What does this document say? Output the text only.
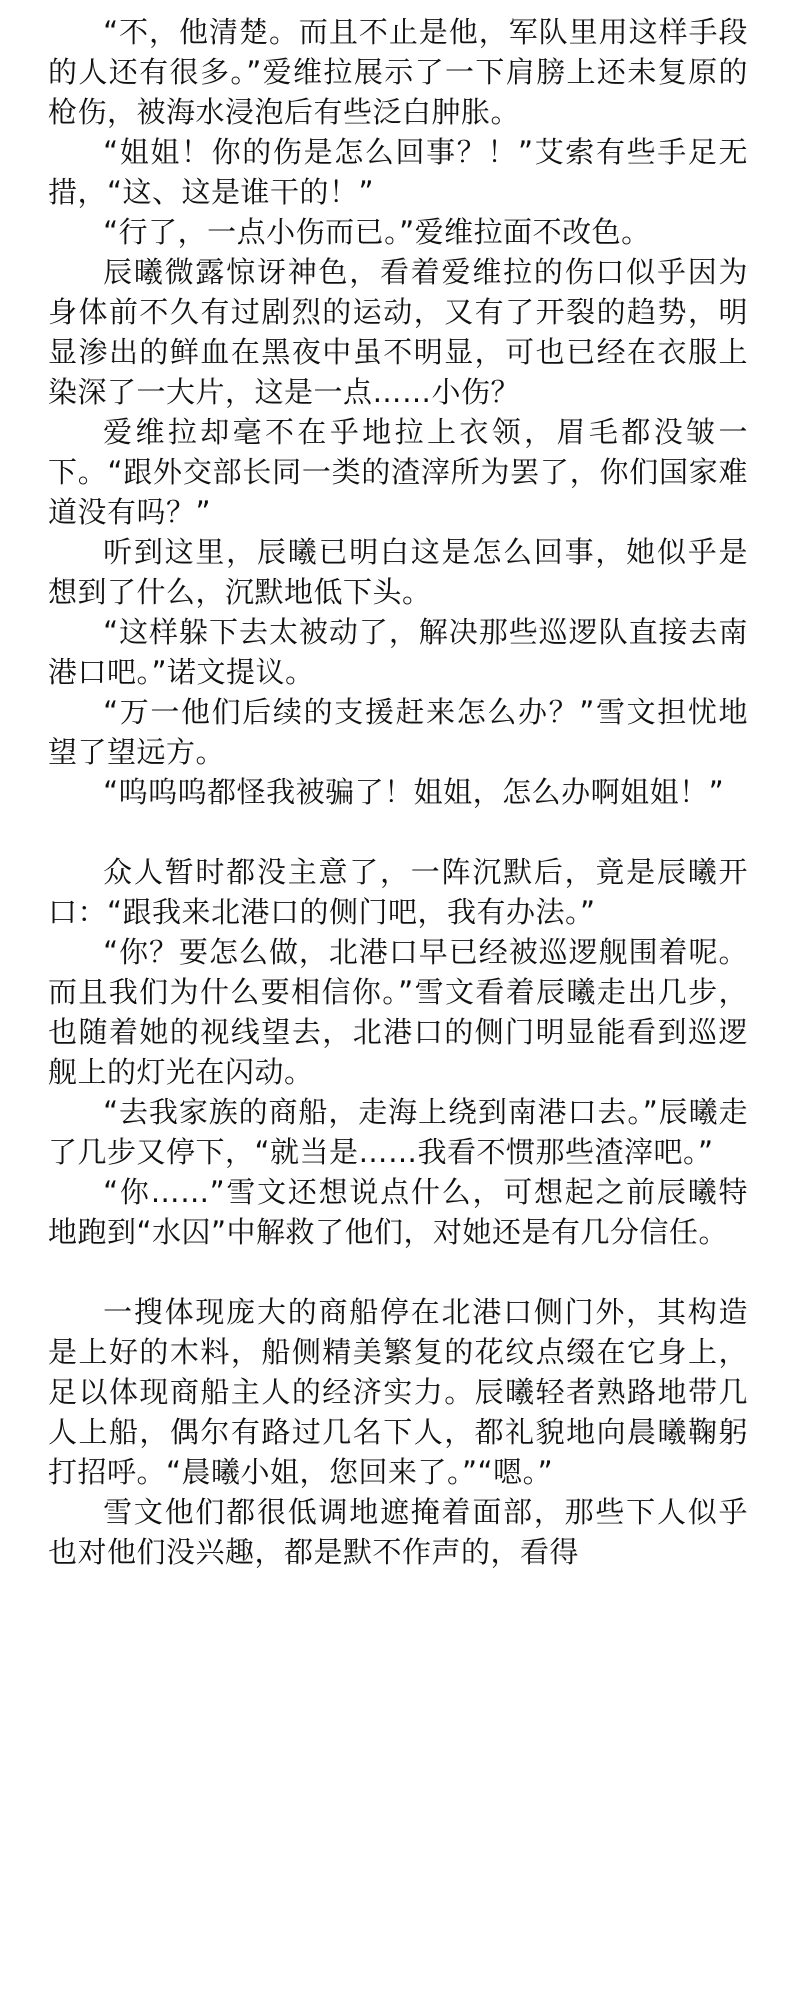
“不，他清楚。而且不止是他，军队里用这样手段的人还有很多。”爱维拉展示了一下肩膀上还未复原的枪伤，被海水浸泡后有些泛白肿胀。

“姐姐！你的伤是怎么回事？！”艾索有些手足无措，“这、这是谁干的！”

“行了，一点小伤而已。”爱维拉面不改色。

辰曦微露惊讶神色，看着爱维拉的伤口似乎因为身体前不久有过剧烈的运动，又有了开裂的趋势，明显渗出的鲜血在黑夜中虽不明显，可也已经在衣服上染深了一大片，这是一点……小伤？

爱维拉却毫不在乎地拉上衣领，眉毛都没皱一下。“跟外交部长同一类的渣滓所为罢了，你们国家难道没有吗？”

听到这里，辰曦已明白这是怎么回事，她似乎是想到了什么，沉默地低下头。

“这样躲下去太被动了，解决那些巡逻队直接去南港口吧。”诺文提议。

“万一他们后续的支援赶来怎么办？”雪文担忧地望了望远方。

“呜呜呜都怪我被骗了！姐姐，怎么办啊姐姐！”

众人暂时都没主意了，一阵沉默后，竟是辰曦开口：“跟我来北港口的侧门吧，我有办法。”

“你？要怎么做，北港口早已经被巡逻舰围着呢。而且我们为什么要相信你。”雪文看着辰曦走出几步，也随着她的视线望去，北港口的侧门明显能看到巡逻舰上的灯光在闪动。

“去我家族的商船，走海上绕到南港口去。”辰曦走了几步又停下，“就当是……我看不惯那些渣滓吧。”

“你……”雪文还想说点什么，可想起之前辰曦特地跑到“水囚”中解救了他们，对她还是有几分信任。

一搜体现庞大的商船停在北港口侧门外，其构造是上好的木料，船侧精美繁复的花纹点缀在它身上，足以体现商船主人的经济实力。辰曦轻者熟路地带几人上船，偶尔有路过几名下人，都礼貌地向晨曦鞠躬打招呼。“晨曦小姐，您回来了。”“嗯。”

雪文他们都很低调地遮掩着面部，那些下人似乎也对他们没兴趣，都是默不作声的，看得
